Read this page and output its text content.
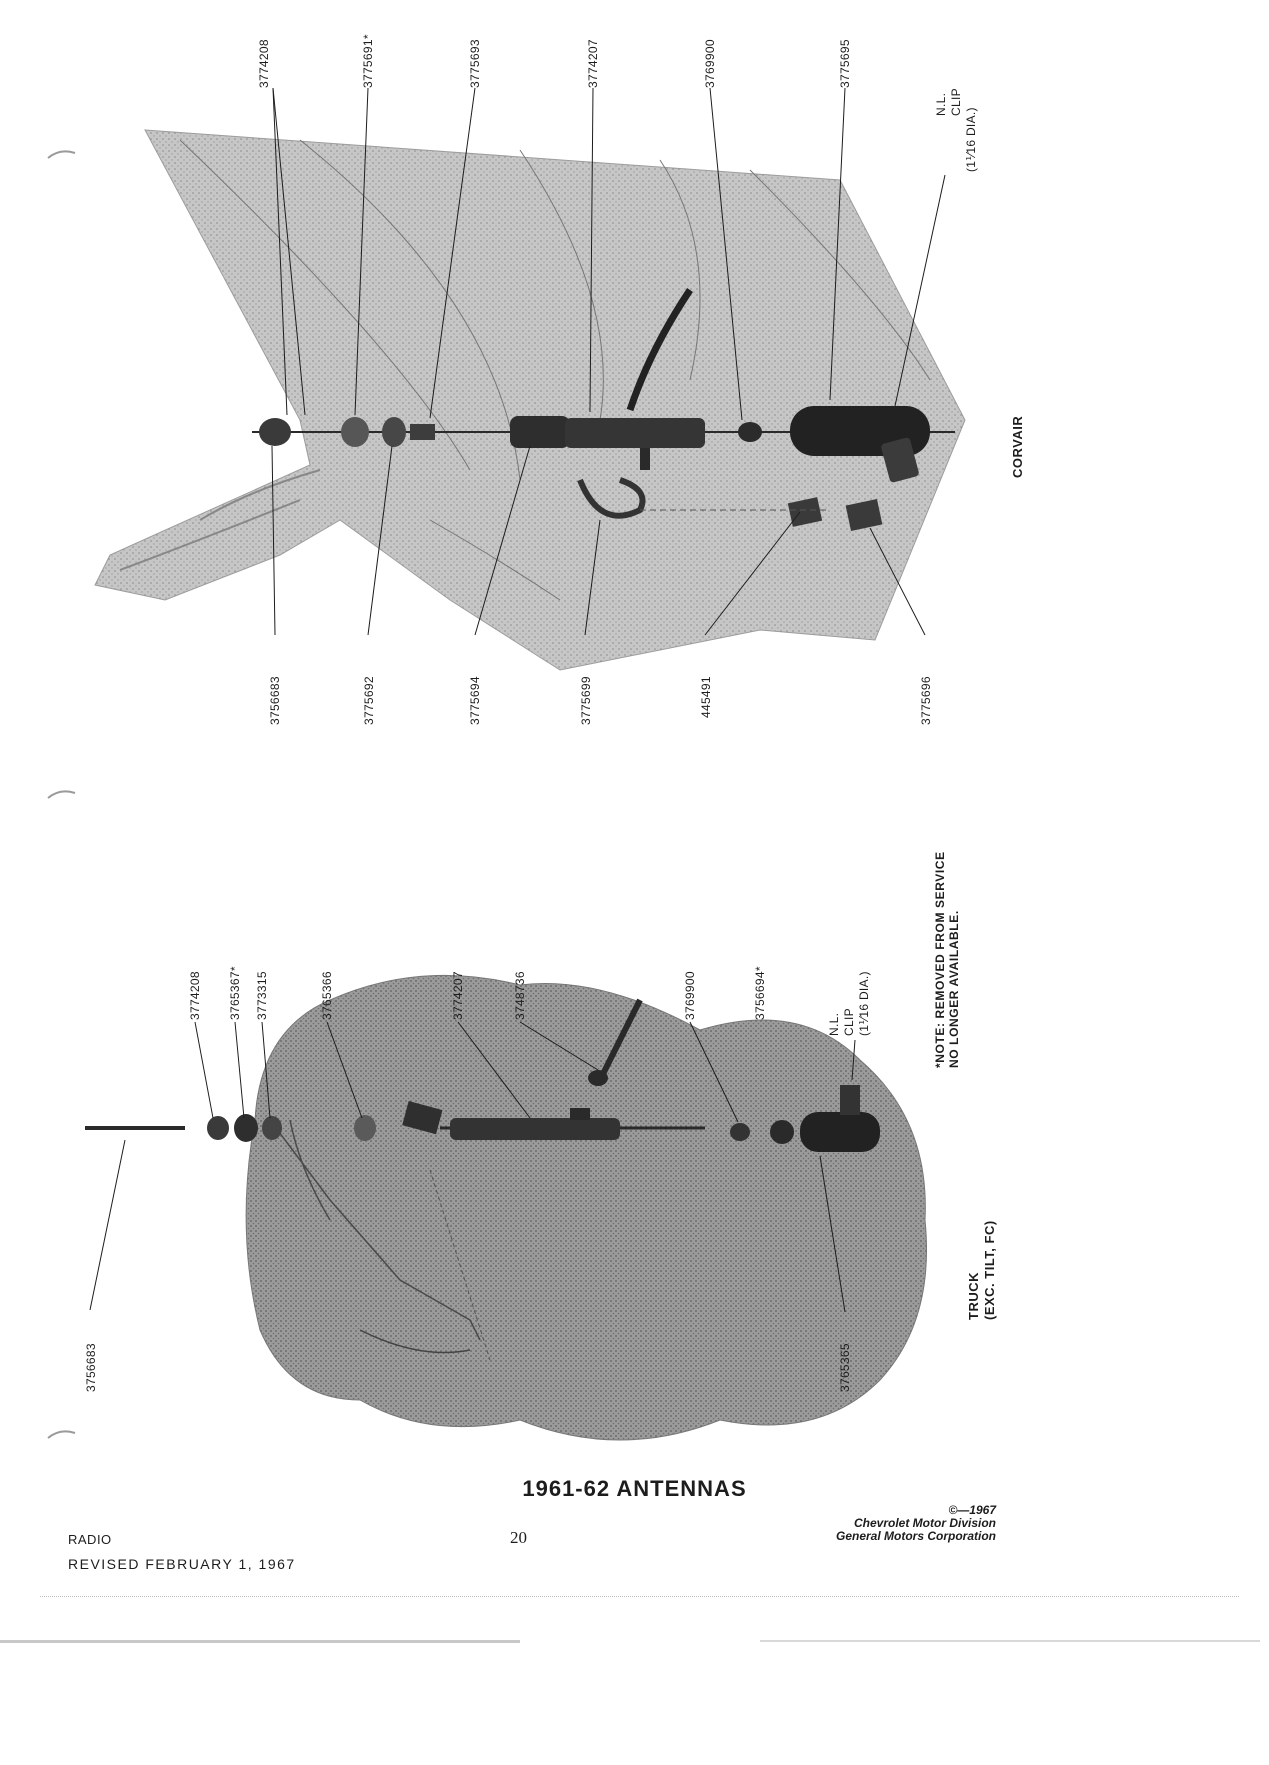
3774208	3775691*	3775693	3774207	3769900	3775695
N.L. CLIP
(1⅟16 DIA.)
3756683	3775692	3775694	3775699	445491	3775696
CORVAIR
3756683
3774208 3765367* 3773315	3765366	3774207	3748736	3769900	3756694*
N.L. CLIP (1⅟16 DIA.)
3765365
TRUCK (EXC. TILT, FC)
*NOTE: REMOVED FROM SERVICE NO LONGER AVAILABLE.
1961-62 ANTENNAS
RADIO
REVISED FEBRUARY 1, 1967
20
©—1967
Chevrolet Motor Division
General Motors Corporation
